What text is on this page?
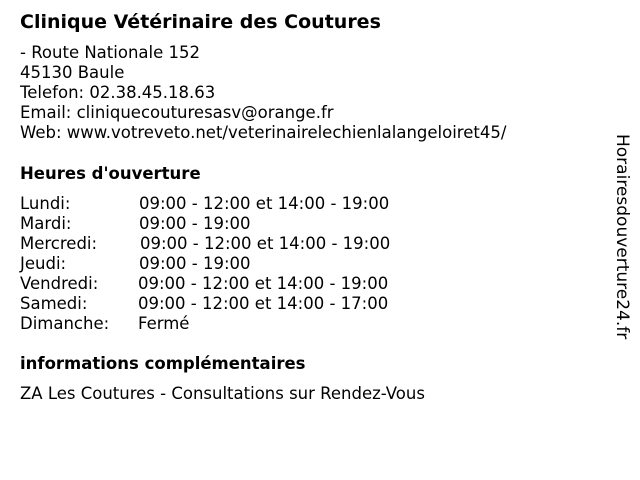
Clinique Vétérinaire des Coutures
- Route Nationale 152
45130 Baule
Telefon: 02.38.45.18.63
Email: cliniquecouturesasv@orange.fr
Web: www.votreveto.net/veterinairelechienlalangeloiret45/
Heures d'ouverture
Lundi:	09:00 - 12:00 et 14:00 - 19:00
Mardi:	09:00 - 19:00
Mercredi:	09:00 - 12:00 et 14:00 - 19:00
Jeudi:	09:00 - 19:00
Vendredi: 09:00 - 12:00 et 14:00 - 19:00
Samedi:	09:00 - 12:00 et 14:00 - 17:00
Dimanche: Fermé
informations complémentaires
ZA Les Coutures - Consultations sur Rendez-Vous
Horairesdouverture24.fr
